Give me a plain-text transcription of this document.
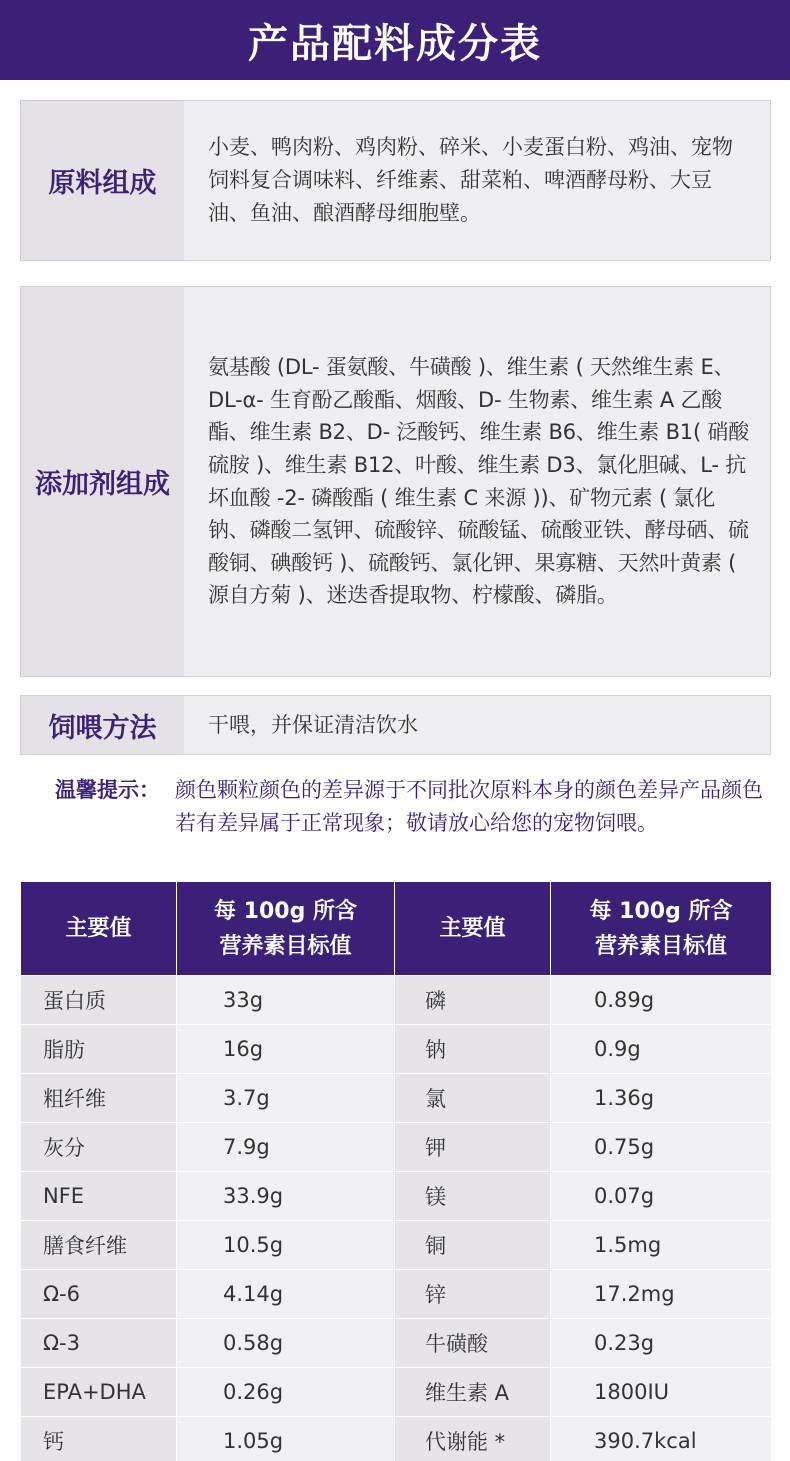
产品配料成分表
原料组成
小麦、鸭肉粉、鸡肉粉、碎米、小麦蛋白粉、鸡油、宠物饲料复合调味料、纤维素、甜菜粕、啤酒酵母粉、大豆油、鱼油、酿酒酵母细胞壁。
添加剂组成
氨基酸 (DL- 蛋氨酸、牛磺酸 )、维生素 ( 天然维生素 E、DL-α- 生育酚乙酸酯、烟酸、D- 生物素、维生素 A 乙酸酯、维生素 B2、D- 泛酸钙、维生素 B6、维生素 B1( 硝酸硫胺 )、维生素 B12、叶酸、维生素 D3、氯化胆碱、L- 抗坏血酸 -2- 磷酸酯 ( 维生素 C 来源 ))、矿物元素 ( 氯化钠、磷酸二氢钾、硫酸锌、硫酸锰、硫酸亚铁、酵母硒、硫酸铜、碘酸钙 )、硫酸钙、氯化钾、果寡糖、天然叶黄素 ( 源自方菊 )、迷迭香提取物、柠檬酸、磷脂。
饲喂方法	干喂，并保证清洁饮水
温馨提示： 颜色颗粒颜色的差异源于不同批次原料本身的颜色差异产品颜色若有差异属于正常现象；敬请放心给您的宠物饲喂。
主要值	每 100g 所含营养素目标值	主要值	每 100g 所含营养素目标值

蛋白质	33g	磷	0.89g
脂肪	16g	钠	0.9g
粗纤维	3.7g	氯	1.36g
灰分	7.9g	钾	0.75g
NFE	33.9g	镁	0.07g
膳食纤维	10.5g	铜	1.5mg
Ω-6	4.14g	锌	17.2mg
Ω-3	0.58g	牛磺酸	0.23g
EPA+DHA	0.26g	维生素 A	1800IU
钙	1.05g	代谢能 *	390.7kcal
